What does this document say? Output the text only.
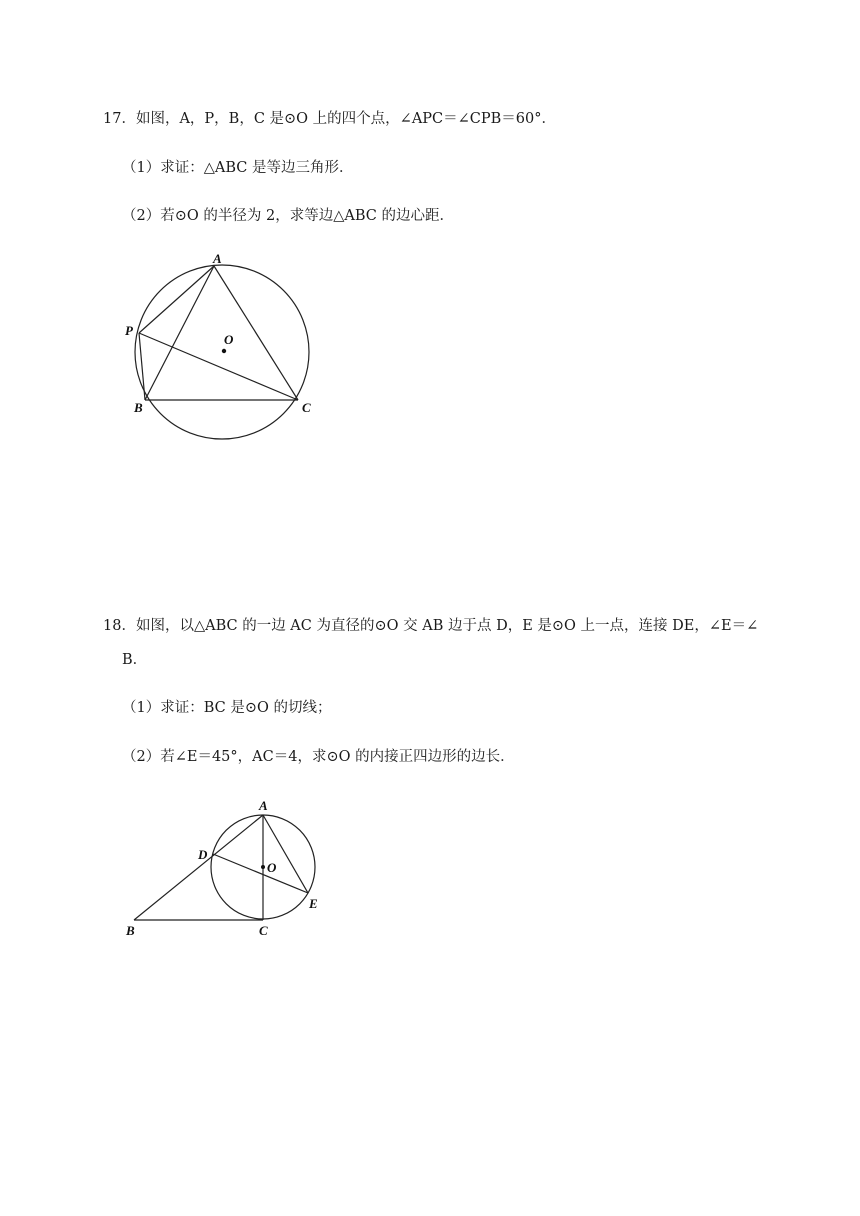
17．如图，A，P，B，C 是⊙O 上的四个点，∠APC＝∠CPB＝60°．
（1）求证：△ABC 是等边三角形．
（2）若⊙O 的半径为 2，求等边△ABC 的边心距．
A
P
O
B	C
18．如图，以△ABC 的一边 AC 为直径的⊙O 交 AB 边于点 D，E 是⊙O 上一点，连接 DE，∠E＝∠
B．
（1）求证：BC 是⊙O 的切线；
（2）若∠E＝45°，AC＝4，求⊙O 的内接正四边形的边长．
A
D
O
E
B	C
